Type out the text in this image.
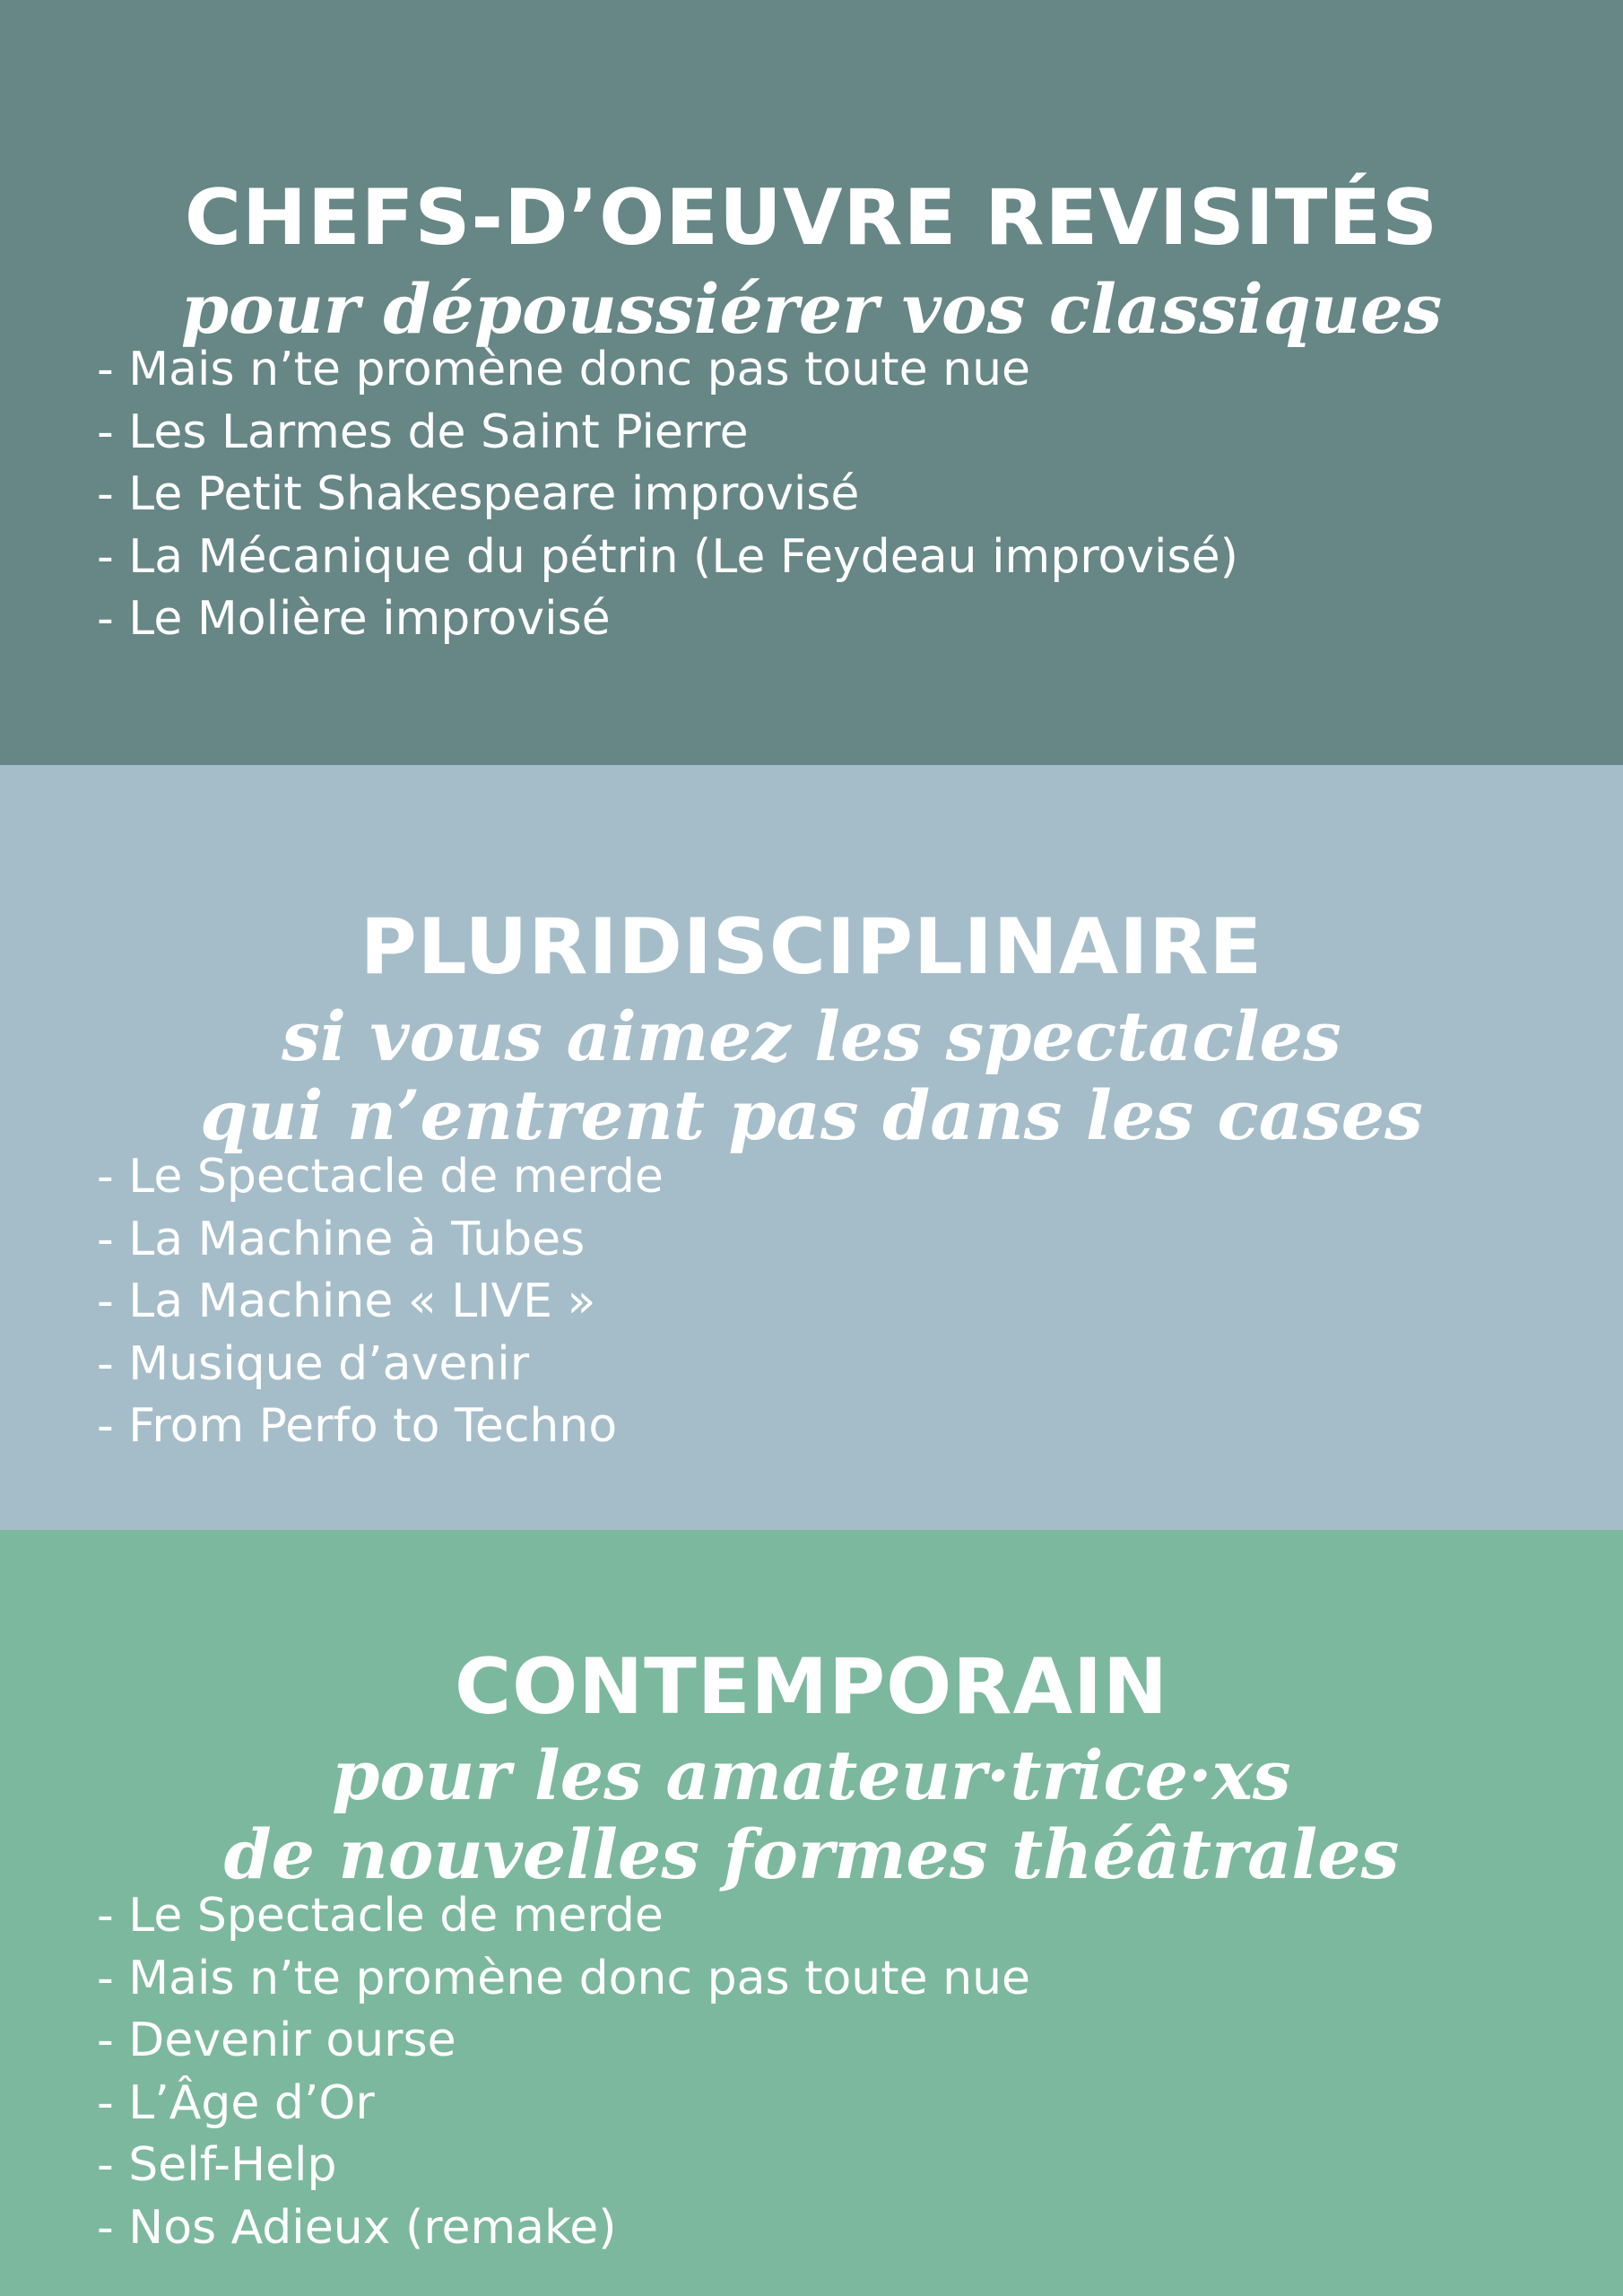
CHEFS-D’OEUVRE REVISITÉS
pour dépoussiérer vos classiques
- Mais n’te promène donc pas toute nue
- Les Larmes de Saint Pierre
- Le Petit Shakespeare improvisé
- La Mécanique du pétrin (Le Feydeau improvisé)
- Le Molière improvisé
PLURIDISCIPLINAIRE
si vous aimez les spectacles
qui n’entrent pas dans les cases
- Le Spectacle de merde
- La Machine à Tubes
- La Machine « LIVE »
- Musique d’avenir
- From Perfo to Techno
CONTEMPORAIN
pour les amateur·trice·xs
de nouvelles formes théâtrales
- Le Spectacle de merde
- Mais n’te promène donc pas toute nue
- Devenir ourse
- L’Âge d’Or
- Self-Help
- Nos Adieux (remake)
